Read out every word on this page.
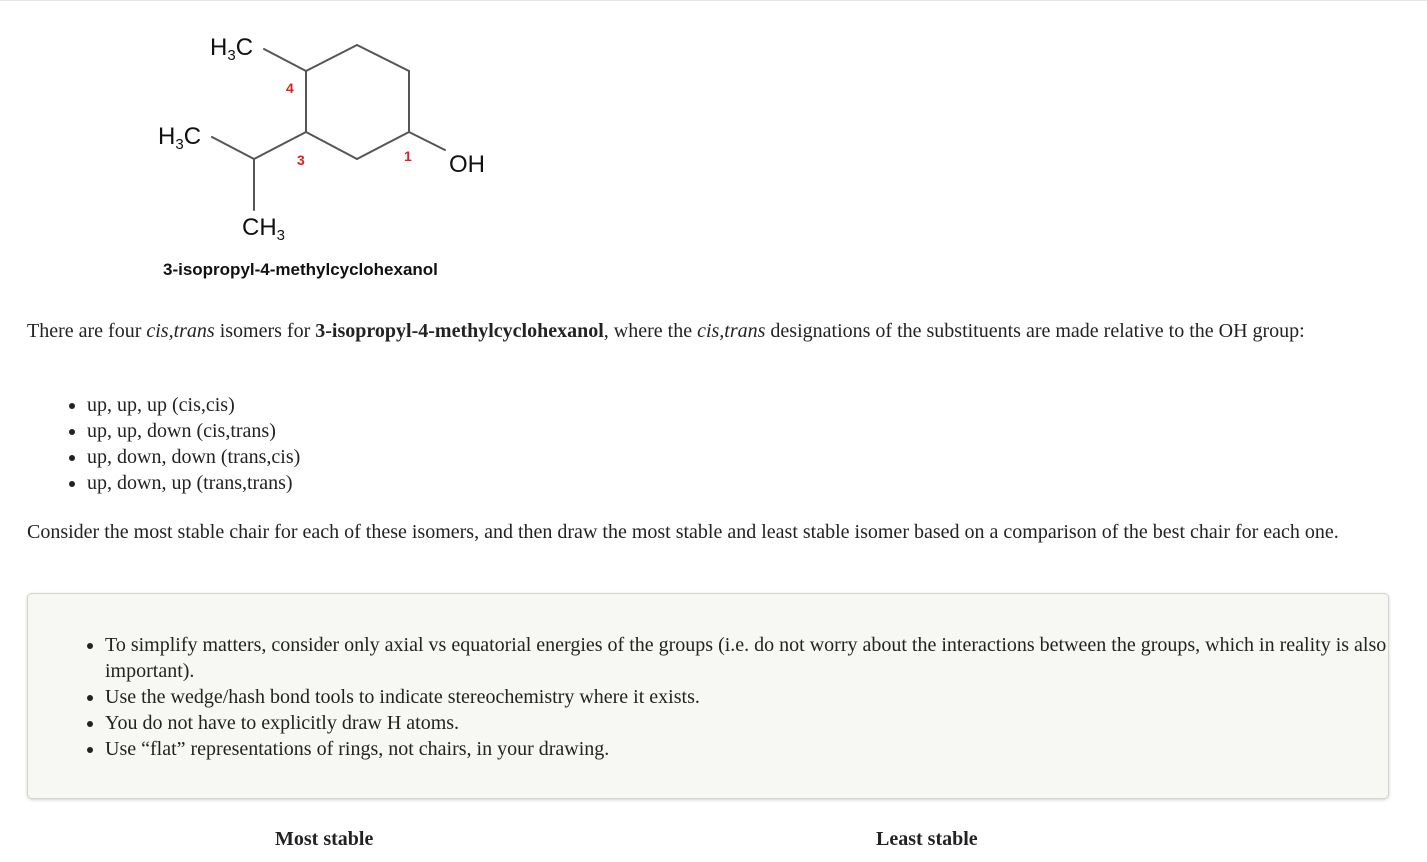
$H_3C$
$H_3C$
OH
$CH_3$
4
3	1
3-isopropyl-4-methylcyclohexanol

There are four cis,trans isomers for 3-isopropyl-4-methylcyclohexanol, where the cis,trans designations of the substituents are made relative to the OH group:

• up, up, up (cis,cis)
• up, up, down (cis,trans)
• up, down, down (trans,cis)
• up, down, up (trans,trans)

Consider the most stable chair for each of these isomers, and then draw the most stable and least stable isomer based on a comparison of the best chair for each one.

• To simplify matters, consider only axial vs equatorial energies of the groups (i.e. do not worry about the interactions between the groups, which in reality is also important).
• Use the wedge/hash bond tools to indicate stereochemistry where it exists.
• You do not have to explicitly draw H atoms.
• Use “flat” representations of rings, not chairs, in your drawing.
Most stable	Least stable
